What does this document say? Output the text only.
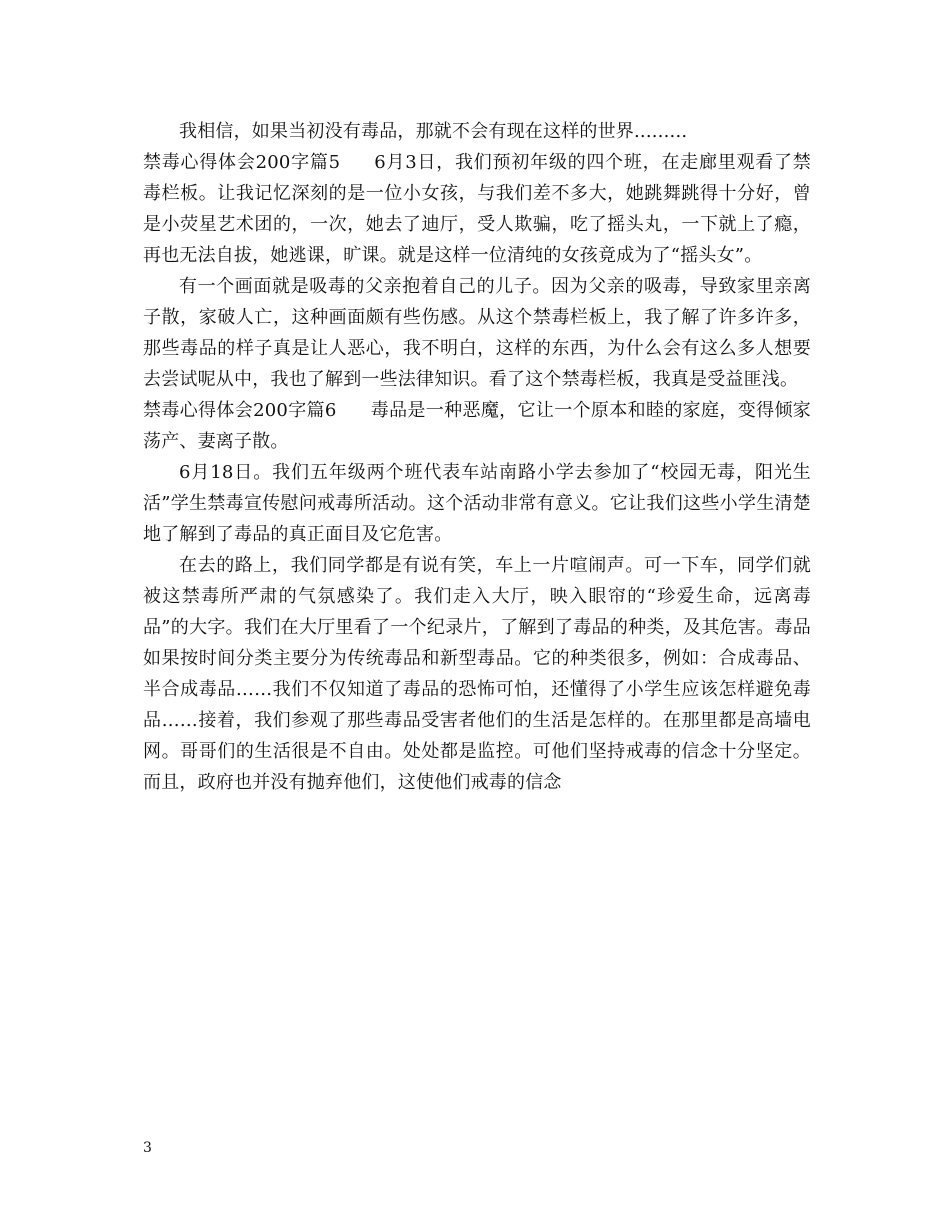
我相信，如果当初没有毒品，那就不会有现在这样的世界.........

禁毒心得体会200字篇5 6月3日，我们预初年级的四个班，在走廊里观看了禁毒栏板。让我记忆深刻的是一位小女孩，与我们差不多大，她跳舞跳得十分好，曾是小荧星艺术团的，一次，她去了迪厅，受人欺骗，吃了摇头丸，一下就上了瘾，再也无法自拔，她逃课，旷课。就是这样一位清纯的女孩竟成为了“摇头女”。

有一个画面就是吸毒的父亲抱着自己的儿子。因为父亲的吸毒，导致家里亲离子散，家破人亡，这种画面颇有些伤感。从这个禁毒栏板上，我了解了许多许多，那些毒品的样子真是让人恶心，我不明白，这样的东西，为什么会有这么多人想要去尝试呢从中，我也了解到一些法律知识。看了这个禁毒栏板，我真是受益匪浅。

禁毒心得体会200字篇6 毒品是一种恶魔，它让一个原本和睦的家庭，变得倾家荡产、妻离子散。

6月18日。我们五年级两个班代表车站南路小学去参加了“校园无毒，阳光生活”学生禁毒宣传慰问戒毒所活动。这个活动非常有意义。它让我们这些小学生清楚地了解到了毒品的真正面目及它危害。

在去的路上，我们同学都是有说有笑，车上一片喧闹声。可一下车，同学们就被这禁毒所严肃的气氛感染了。我们走入大厅，映入眼帘的“珍爱生命，远离毒品”的大字。我们在大厅里看了一个纪录片，了解到了毒品的种类，及其危害。毒品如果按时间分类主要分为传统毒品和新型毒品。它的种类很多，例如：合成毒品、半合成毒品……我们不仅知道了毒品的恐怖可怕，还懂得了小学生应该怎样避免毒品……接着，我们参观了那些毒品受害者他们的生活是怎样的。在那里都是高墙电网。哥哥们的生活很是不自由。处处都是监控。可他们坚持戒毒的信念十分坚定。而且，政府也并没有抛弃他们，这使他们戒毒的信念

3
